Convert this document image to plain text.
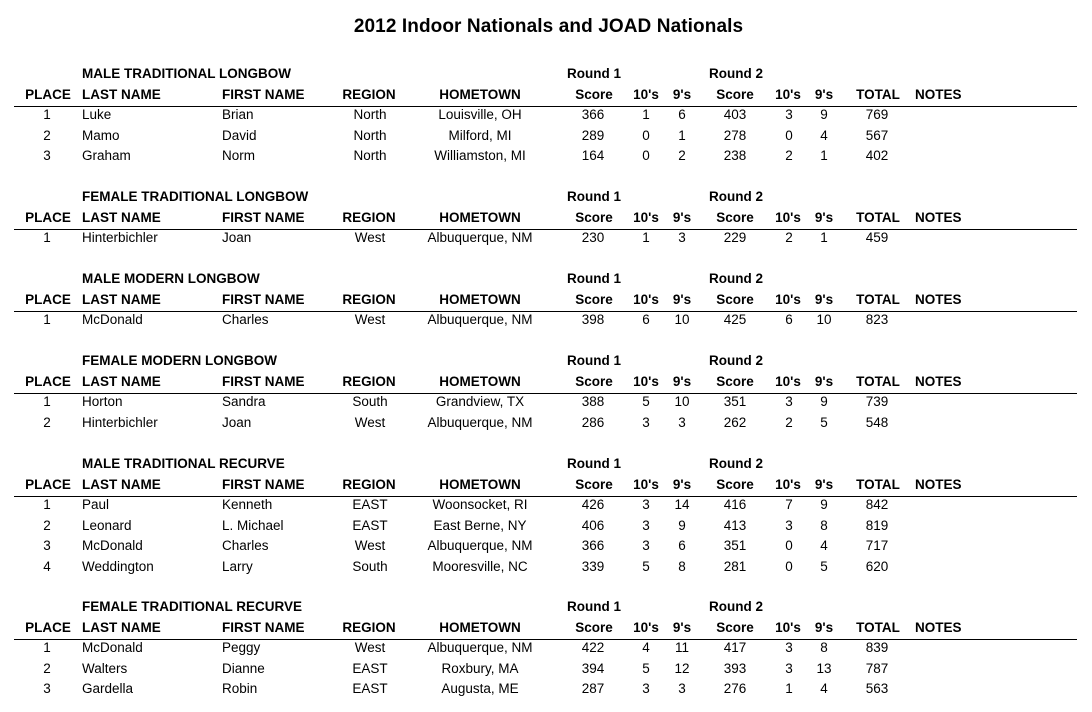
2012 Indoor Nationals and JOAD Nationals
MALE TRADITIONAL LONGBOW	Round 1	Round 2
PLACE LAST NAME	FIRST NAME	REGION	HOMETOWN	Score 10's 9's Score 10's 9's TOTAL NOTES
1 Luke	Brian	North	Louisville, OH	366	1 6	403	3 9	769
2 Mamo	David	North	Milford, MI	289	0 1	278	0 4	567
3 Graham	Norm	North	Williamston, MI	164	0 2	238	2 1	402
FEMALE TRADITIONAL LONGBOW	Round 1	Round 2
PLACE LAST NAME	FIRST NAME	REGION	HOMETOWN	Score 10's 9's Score 10's 9's TOTAL NOTES
1 Hinterbichler	Joan	West	Albuquerque, NM	230	1 3	229	2 1	459
MALE MODERN LONGBOW	Round 1	Round 2
PLACE LAST NAME	FIRST NAME	REGION	HOMETOWN	Score 10's 9's Score 10's 9's TOTAL NOTES
1 McDonald	Charles	West	Albuquerque, NM	398	6 10	425	6 10	823
FEMALE MODERN LONGBOW	Round 1	Round 2
PLACE LAST NAME	FIRST NAME	REGION	HOMETOWN	Score 10's 9's Score 10's 9's TOTAL NOTES
1 Horton	Sandra	South	Grandview, TX	388	5 10	351	3 9	739
2 Hinterbichler	Joan	West	Albuquerque, NM	286	3 3	262	2 5	548
MALE TRADITIONAL RECURVE	Round 1	Round 2
PLACE LAST NAME	FIRST NAME	REGION	HOMETOWN	Score 10's 9's Score 10's 9's TOTAL NOTES
1 Paul	Kenneth	EAST	Woonsocket, RI	426	3 14	416	7 9	842
2 Leonard	L. Michael	EAST	East Berne, NY	406	3 9	413	3 8	819
3 McDonald	Charles	West	Albuquerque, NM	366	3 6	351	0 4	717
4 Weddington	Larry	South	Mooresville, NC	339	5 8	281	0 5	620
FEMALE TRADITIONAL RECURVE	Round 1	Round 2
PLACE LAST NAME	FIRST NAME	REGION	HOMETOWN	Score 10's 9's Score 10's 9's TOTAL NOTES
1 McDonald	Peggy	West	Albuquerque, NM	422	4 11	417	3 8	839
2 Walters	Dianne	EAST	Roxbury, MA	394	5 12	393	3 13	787
3 Gardella	Robin	EAST	Augusta, ME	287	3 3	276	1 4	563
